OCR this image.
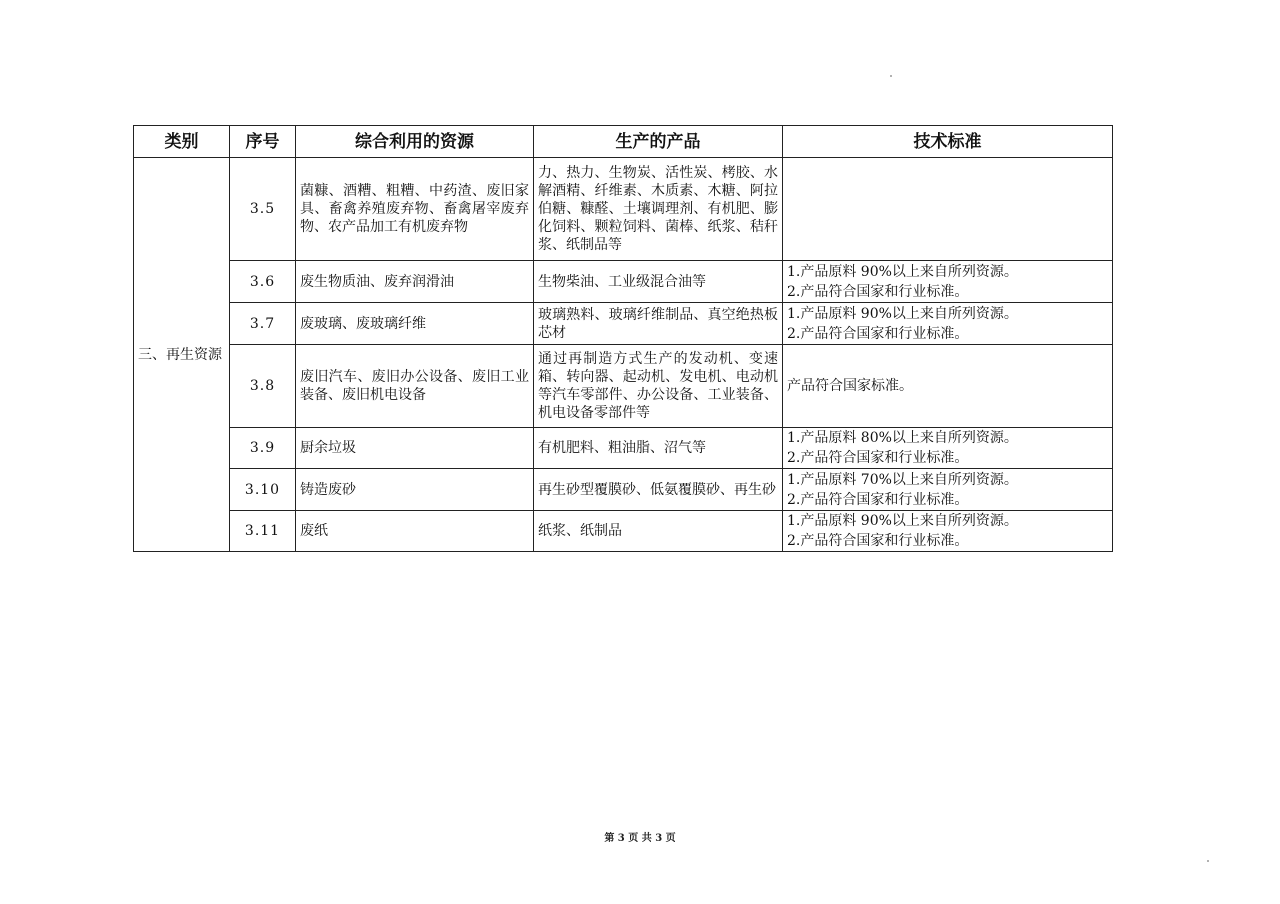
类别	序号	综合利用的资源	生产的产品	技术标准
三、再生资源	3.5	菌糠、酒糟、粗糟、中药渣、废旧家具、畜禽养殖废弃物、畜禽屠宰废弃物、农产品加工有机废弃物	力、热力、生物炭、活性炭、栲胶、水解酒精、纤维素、木质素、木糖、阿拉伯糖、糠醛、土壤调理剂、有机肥、膨化饲料、颗粒饲料、菌棒、纸浆、秸秆浆、纸制品等	
	3.6	废生物质油、废弃润滑油	生物柴油、工业级混合油等	1.产品原料 90%以上来自所列资源。
2.产品符合国家和行业标准。

	3.7	废玻璃、废玻璃纤维	玻璃熟料、玻璃纤维制品、真空绝热板芯材	1.产品原料 90%以上来自所列资源。
2.产品符合国家和行业标准。

	3.8	废旧汽车、废旧办公设备、废旧工业装备、废旧机电设备	通过再制造方式生产的发动机、变速箱、转向器、起动机、发电机、电动机等汽车零部件、办公设备、工业装备、机电设备零部件等	产品符合国家标准。

	3.9	厨余垃圾	有机肥料、粗油脂、沼气等	1.产品原料 80%以上来自所列资源。
2.产品符合国家和行业标准。

	3.10	铸造废砂	再生砂型覆膜砂、低氨覆膜砂、再生砂	1.产品原料 70%以上来自所列资源。
2.产品符合国家和行业标准。

	3.11	废纸	纸浆、纸制品	1.产品原料 90%以上来自所列资源。
2.产品符合国家和行业标准。
第 3 页 共 3 页
